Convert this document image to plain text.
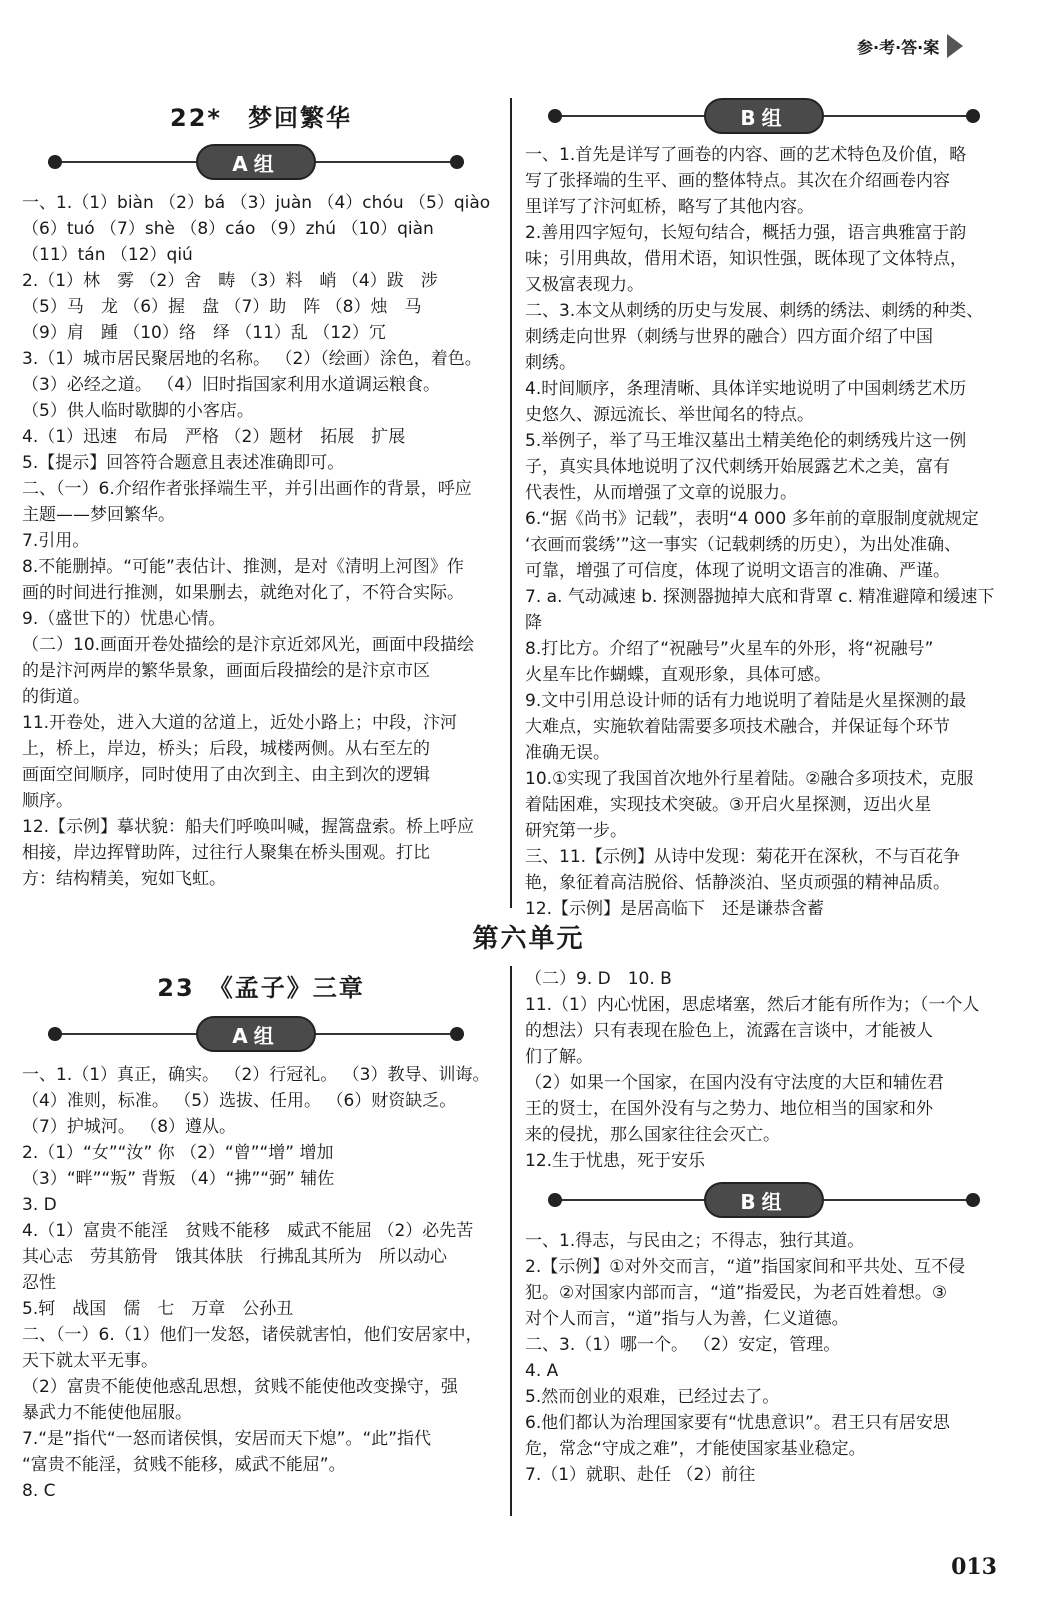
参·考·答·案
22*　梦回繁华
A组

一、1.（1）biàn （2）bá （3）juàn （4）chóu （5）qiào

（6）tuó （7）shè （8）cáo （9）zhú （10）qiàn

（11）tán （12）qiú

2.（1）林　雾 （2）舍　畴 （3）料　峭 （4）跋　涉

（5）马　龙 （6）握　盘 （7）助　阵 （8）烛　马

（9）肩　踵 （10）络　绎 （11）乱 （12）冗

3.（1）城市居民聚居地的名称。 （2）（绘画）涂色，着色。

（3）必经之道。 （4）旧时指国家利用水道调运粮食。

（5）供人临时歇脚的小客店。

4.（1）迅速　布局　严格 （2）题材　拓展　扩展

5.【提示】回答符合题意且表述准确即可。

二、（一）6.介绍作者张择端生平，并引出画作的背景，呼应

主题——梦回繁华。

7.引用。

8.不能删掉。“可能”表估计、推测，是对《清明上河图》作

画的时间进行推测，如果删去，就绝对化了，不符合实际。

9.（盛世下的）忧患心情。

（二）10.画面开卷处描绘的是汴京近郊风光，画面中段描绘

的是汴河两岸的繁华景象，画面后段描绘的是汴京市区

的街道。

11.开卷处，进入大道的岔道上，近处小路上；中段，汴河

上，桥上，岸边，桥头；后段，城楼两侧。从右至左的

画面空间顺序，同时使用了由次到主、由主到次的逻辑

顺序。

12.【示例】摹状貌：船夫们呼唤叫喊，握篙盘索。桥上呼应

相接，岸边挥臂助阵，过往行人聚集在桥头围观。打比

方：结构精美，宛如飞虹。

B组

一、1.首先是详写了画卷的内容、画的艺术特色及价值，略

写了张择端的生平、画的整体特点。其次在介绍画卷内容

里详写了汴河虹桥，略写了其他内容。

2.善用四字短句，长短句结合，概括力强，语言典雅富于韵

味；引用典故，借用术语，知识性强，既体现了文体特点，

又极富表现力。

二、3.本文从刺绣的历史与发展、刺绣的绣法、刺绣的种类、

刺绣走向世界（刺绣与世界的融合）四方面介绍了中国

刺绣。

4.时间顺序，条理清晰、具体详实地说明了中国刺绣艺术历

史悠久、源远流长、举世闻名的特点。

5.举例子，举了马王堆汉墓出土精美绝伦的刺绣残片这一例

子，真实具体地说明了汉代刺绣开始展露艺术之美，富有

代表性，从而增强了文章的说服力。

6.“据《尚书》记载”，表明“4 000 多年前的章服制度就规定

‘衣画而裳绣’”这一事实（记载刺绣的历史），为出处准确、

可靠，增强了可信度，体现了说明文语言的准确、严谨。

7. a. 气动减速 b. 探测器抛掉大底和背罩 c. 精准避障和缓速下

降

8.打比方。介绍了“祝融号”火星车的外形，将“祝融号”

火星车比作蝴蝶，直观形象，具体可感。

9.文中引用总设计师的话有力地说明了着陆是火星探测的最

大难点，实施软着陆需要多项技术融合，并保证每个环节

准确无误。

10.①实现了我国首次地外行星着陆。②融合多项技术，克服

着陆困难，实现技术突破。③开启火星探测，迈出火星

研究第一步。

三、11.【示例】从诗中发现：菊花开在深秋，不与百花争

艳，象征着高洁脱俗、恬静淡泊、坚贞顽强的精神品质。

12.【示例】是居高临下　还是谦恭含蓄

第六单元
23　《孟子》三章
A组

一、1.（1）真正，确实。 （2）行冠礼。 （3）教导、训诲。

（4）准则，标准。 （5）选拔、任用。 （6）财资缺乏。

（7）护城河。 （8）遵从。

2.（1）“女”“汝” 你 （2）“曾”“增” 增加

（3）“畔”“叛” 背叛 （4）“拂”“弼” 辅佐

3. D

4.（1）富贵不能淫　贫贱不能移　威武不能屈 （2）必先苦

其心志　劳其筋骨　饿其体肤　行拂乱其所为　所以动心

忍性

5.轲　战国　儒　七　万章　公孙丑

二、（一）6.（1）他们一发怒，诸侯就害怕，他们安居家中，

天下就太平无事。

（2）富贵不能使他惑乱思想，贫贱不能使他改变操守，强

暴武力不能使他屈服。

7.“是”指代“一怒而诸侯惧，安居而天下熄”。“此”指代

“富贵不能淫，贫贱不能移，威武不能屈”。

8. C

（二）9. D　10. B

11.（1）内心忧困，思虑堵塞，然后才能有所作为；（一个人

的想法）只有表现在脸色上，流露在言谈中，才能被人

们了解。

（2）如果一个国家，在国内没有守法度的大臣和辅佐君

王的贤士，在国外没有与之势力、地位相当的国家和外

来的侵扰，那么国家往往会灭亡。

12.生于忧患，死于安乐

B组

一、1.得志，与民由之；不得志，独行其道。

2.【示例】①对外交而言，“道”指国家间和平共处、互不侵

犯。②对国家内部而言，“道”指爱民，为老百姓着想。③

对个人而言，“道”指与人为善，仁义道德。

二、3.（1）哪一个。 （2）安定，管理。

4. A

5.然而创业的艰难，已经过去了。

6.他们都认为治理国家要有“忧患意识”。君王只有居安思

危，常念“守成之难”，才能使国家基业稳定。

7.（1）就职、赴任 （2）前往

013
